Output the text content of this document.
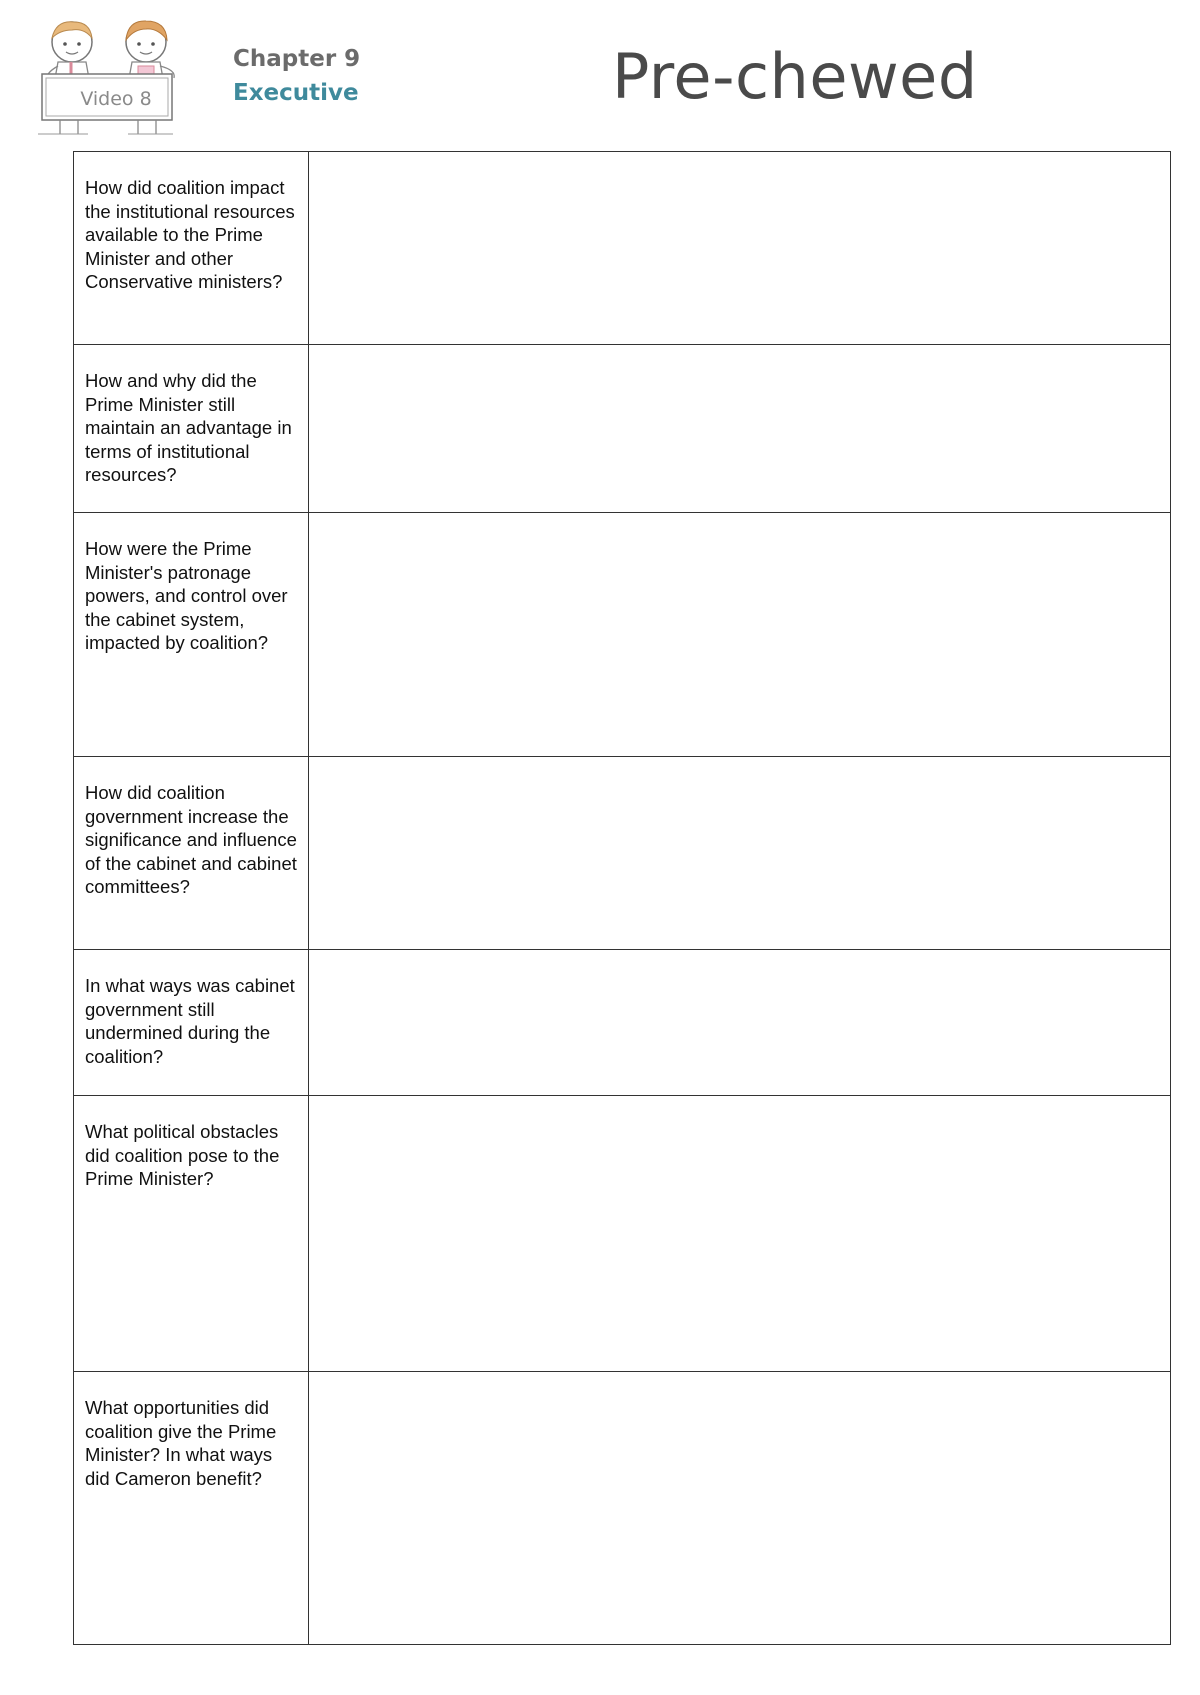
Video 8
Chapter 9
Executive	Pre-chewed
How did coalition impact the institutional resources available to the Prime Minister and other Conservative ministers?	

How and why did the Prime Minister still maintain an advantage in terms of institutional resources?	

How were the Prime Minister's patronage powers, and control over the cabinet system, impacted by coalition?	

How did coalition government increase the significance and influence of the cabinet and cabinet committees?	

In what ways was cabinet government still undermined during the coalition?	

What political obstacles did coalition pose to the Prime Minister?	

What opportunities did coalition give the Prime Minister? In what ways did Cameron benefit?	
